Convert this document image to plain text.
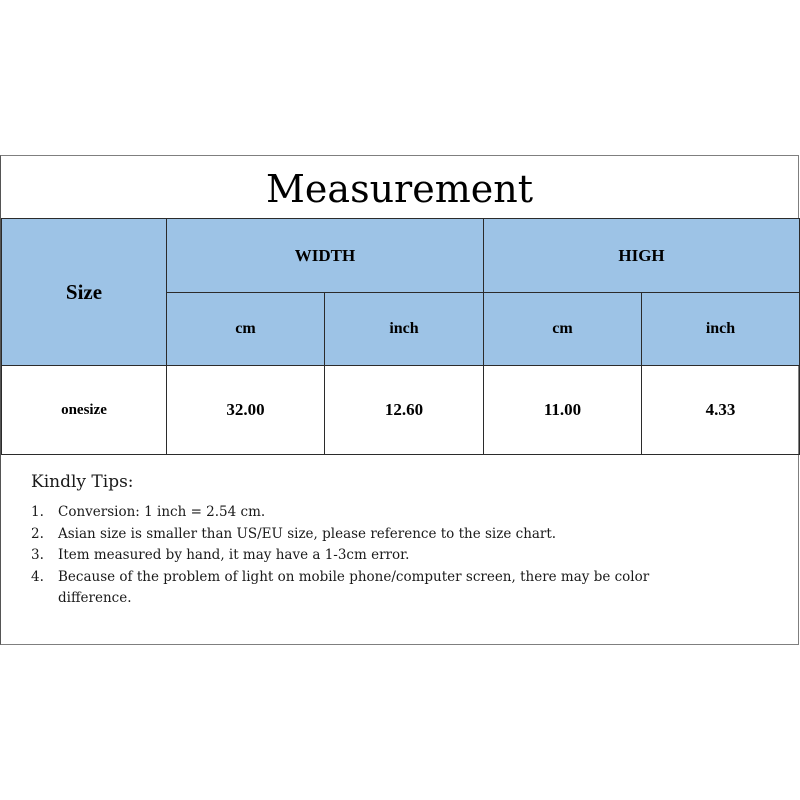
Measurement
Size	WIDTH		HIGH	
	cm	inch	cm	inch
onesize	32.00	12.60	11.00	4.33
Kindly Tips:
1.	Conversion: 1 inch = 2.54 cm.
2.	Asian size is smaller than US/EU size, please reference to the size chart.
3.	Item measured by hand, it may have a 1-3cm error.
4.	Because of the problem of light on mobile phone/computer screen, there may be color difference.
